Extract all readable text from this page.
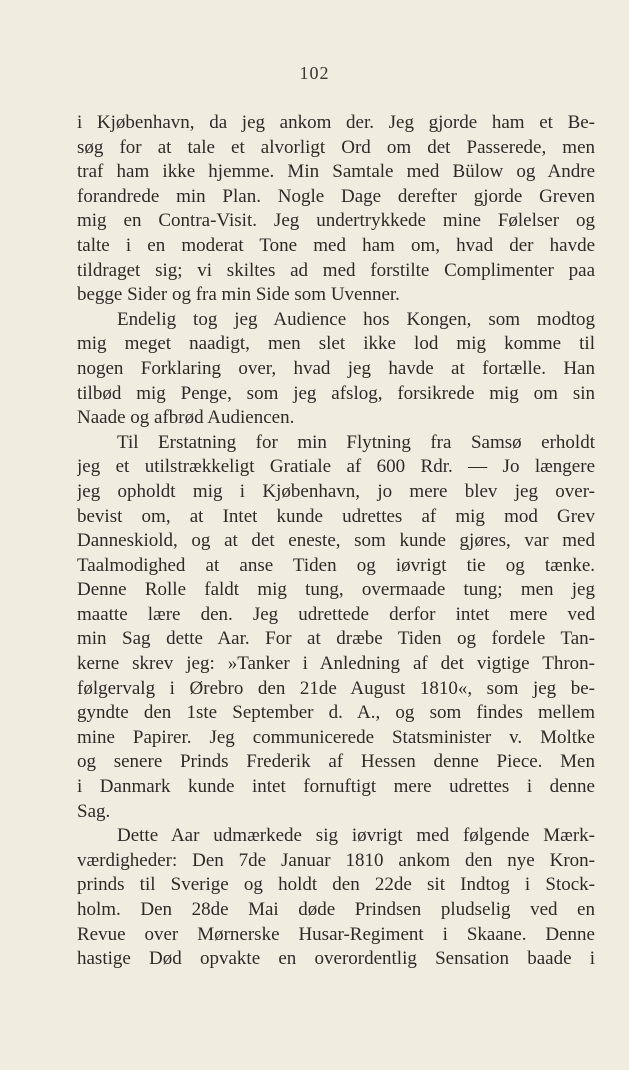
102
i Kjøbenhavn, da jeg ankom der. Jeg gjorde ham et Be-
søg for at tale et alvorligt Ord om det Passerede, men
traf ham ikke hjemme. Min Samtale med Bülow og Andre
forandrede min Plan. Nogle Dage derefter gjorde Greven
mig en Contra-Visit. Jeg undertrykkede mine Følelser og
talte i en moderat Tone med ham om, hvad der havde
tildraget sig; vi skiltes ad med forstilte Complimenter paa
begge Sider og fra min Side som Uvenner.
Endelig tog jeg Audience hos Kongen, som modtog
mig meget naadigt, men slet ikke lod mig komme til
nogen Forklaring over, hvad jeg havde at fortælle. Han
tilbød mig Penge, som jeg afslog, forsikrede mig om sin
Naade og afbrød Audiencen.
Til Erstatning for min Flytning fra Samsø erholdt
jeg et utilstrækkeligt Gratiale af 600 Rdr. — Jo længere
jeg opholdt mig i Kjøbenhavn, jo mere blev jeg over-
bevist om, at Intet kunde udrettes af mig mod Grev
Danneskiold, og at det eneste, som kunde gjøres, var med
Taalmodighed at anse Tiden og iøvrigt tie og tænke.
Denne Rolle faldt mig tung, overmaade tung; men jeg
maatte lære den. Jeg udrettede derfor intet mere ved
min Sag dette Aar. For at dræbe Tiden og fordele Tan-
kerne skrev jeg: »Tanker i Anledning af det vigtige Thron-
følgervalg i Ørebro den 21de August 1810«, som jeg be-
gyndte den 1ste September d. A., og som findes mellem
mine Papirer. Jeg communicerede Statsminister v. Moltke
og senere Prinds Frederik af Hessen denne Piece. Men
i Danmark kunde intet fornuftigt mere udrettes i denne
Sag.
Dette Aar udmærkede sig iøvrigt med følgende Mærk-
værdigheder: Den 7de Januar 1810 ankom den nye Kron-
prinds til Sverige og holdt den 22de sit Indtog i Stock-
holm. Den 28de Mai døde Prindsen pludselig ved en
Revue over Mørnerske Husar-Regiment i Skaane. Denne
hastige Død opvakte en overordentlig Sensation baade i
